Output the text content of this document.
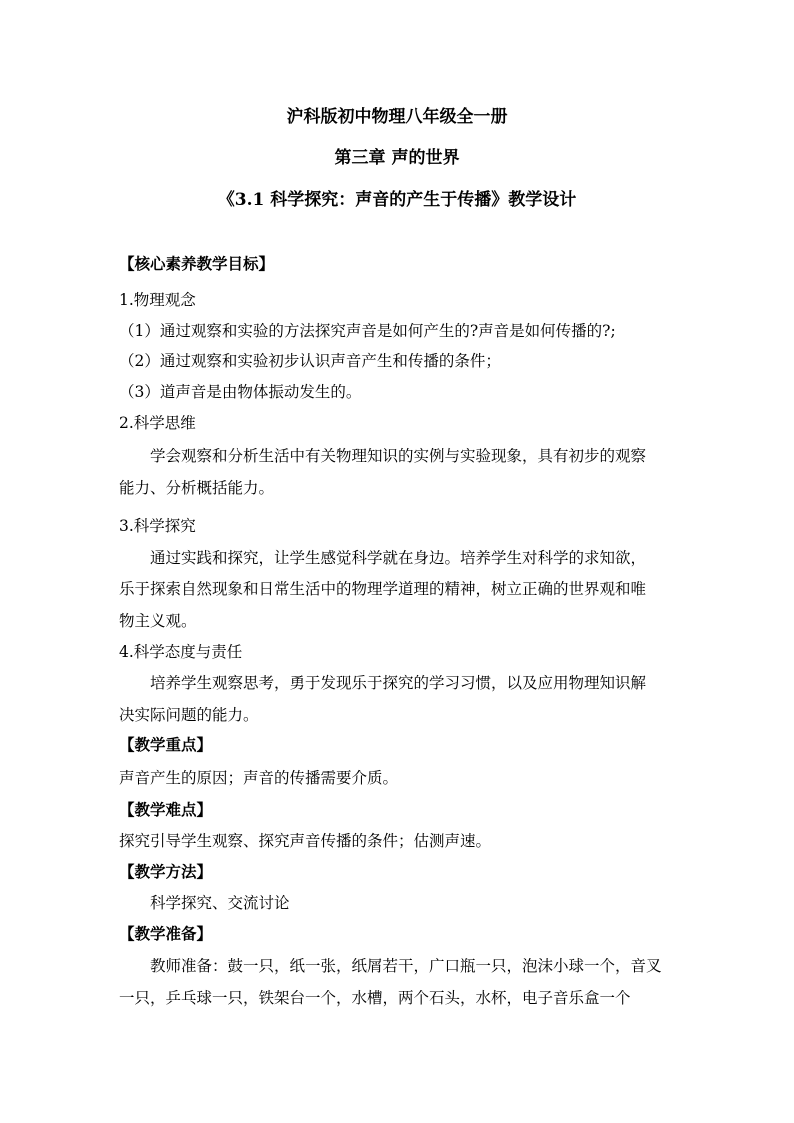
沪科版初中物理八年级全一册
第三章 声的世界
《3.1 科学探究：声音的产生于传播》教学设计
【核心素养教学目标】
1.物理观念
（1）通过观察和实验的方法探究声音是如何产生的?声音是如何传播的?;
（2）通过观察和实验初步认识声音产生和传播的条件；
（3）道声音是由物体振动发生的。
2.科学思维
学会观察和分析生活中有关物理知识的实例与实验现象，具有初步的观察
能力、分析概括能力。
3.科学探究
通过实践和探究，让学生感觉科学就在身边。培养学生对科学的求知欲，
乐于探索自然现象和日常生活中的物理学道理的精神，树立正确的世界观和唯
物主义观。
4.科学态度与责任
培养学生观察思考，勇于发现乐于探究的学习习惯，以及应用物理知识解
决实际问题的能力。
【教学重点】
声音产生的原因；声音的传播需要介质。
【教学难点】
探究引导学生观察、探究声音传播的条件；估测声速。
【教学方法】
科学探究、交流讨论
【教学准备】
教师准备：鼓一只，纸一张，纸屑若干，广口瓶一只，泡沫小球一个，音叉
一只，乒乓球一只，铁架台一个，水槽，两个石头，水杯，电子音乐盒一个
